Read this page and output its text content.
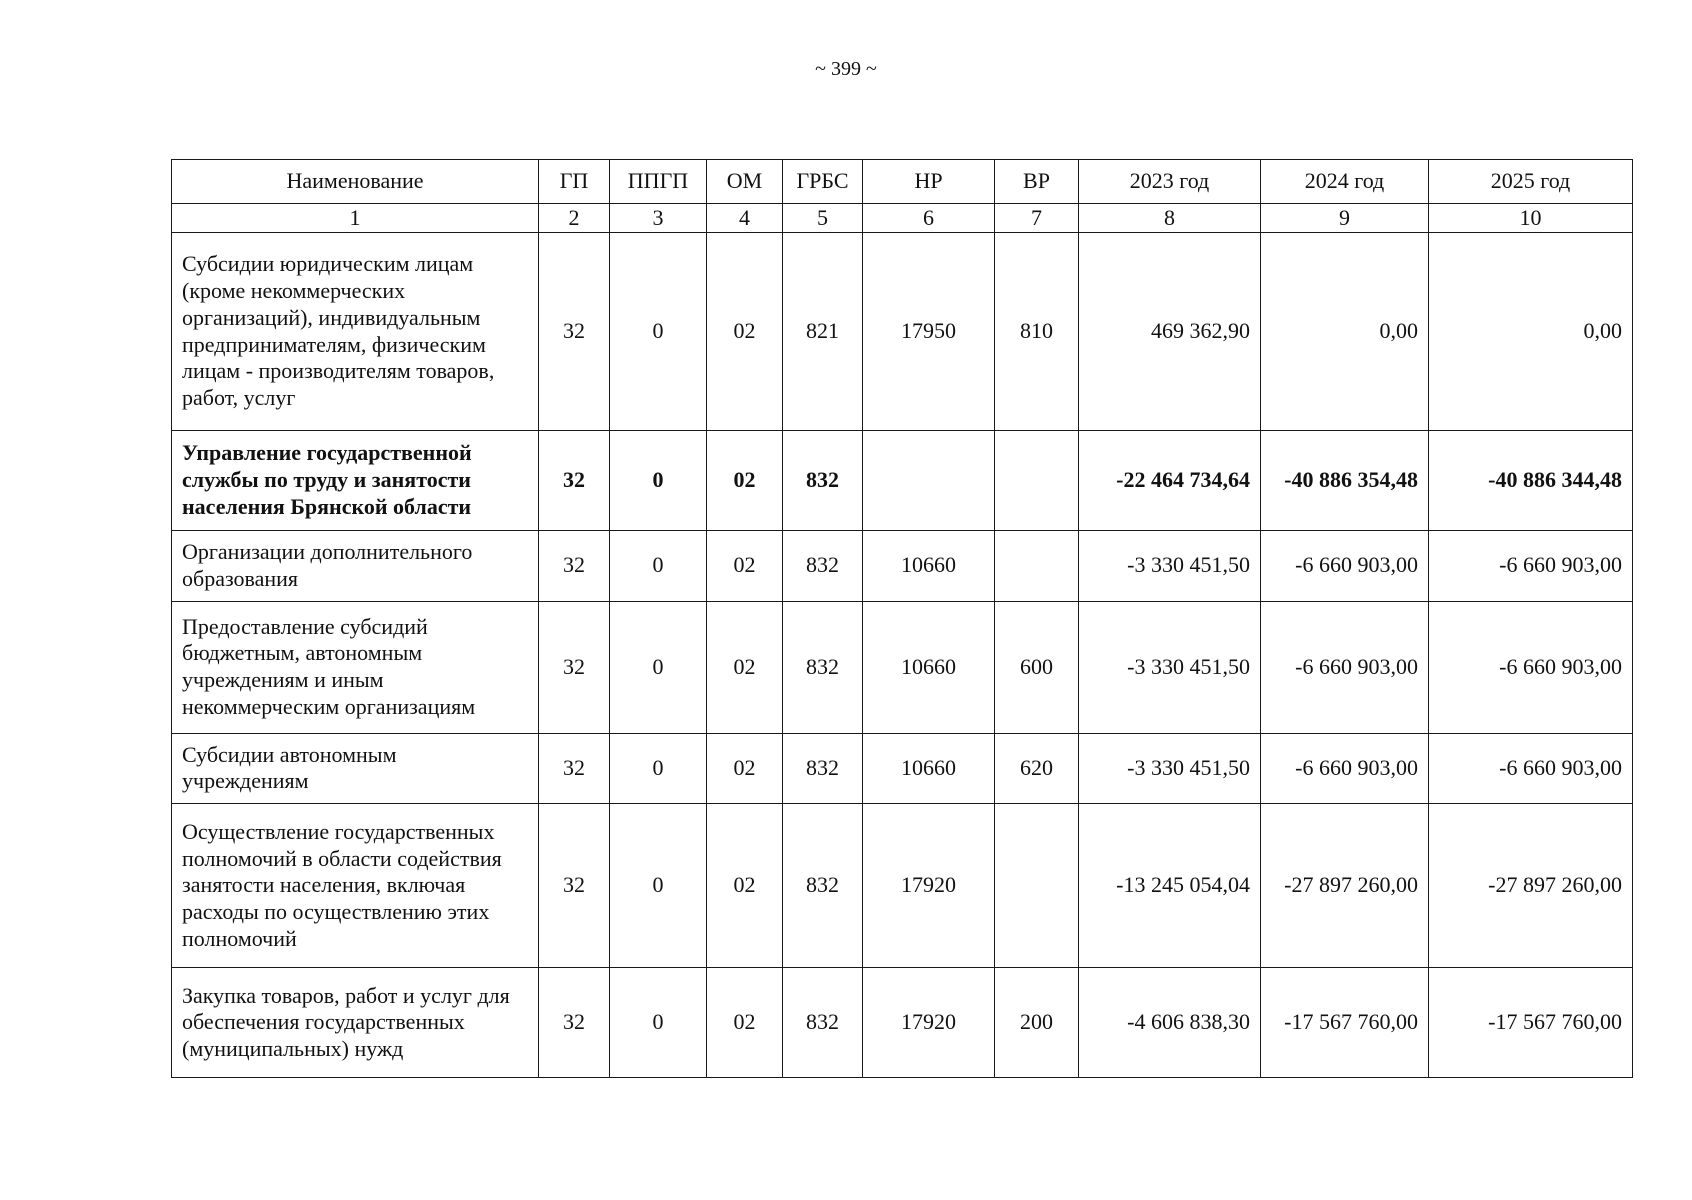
~ 399 ~
Наименование	ГП	ППГП	ОМ	ГРБС	НР	ВР	2023 год	2024 год	2025 год
1	2	3	4	5	6	7	8	9	10
Субсидии юридическим лицам (кроме некоммерческих организаций), индивидуальным предпринимателям, физическим лицам - производителям товаров, работ, услуг	32	0	02	821	17950	810	469 362,90	0,00	0,00
Управление государственной службы по труду и занятости населения Брянской области	32	0	02	832			-22 464 734,64	-40 886 354,48	-40 886 344,48
Организации дополнительного образования	32	0	02	832	10660		-3 330 451,50	-6 660 903,00	-6 660 903,00
Предоставление субсидий бюджетным, автономным учреждениям и иным некоммерческим организациям	32	0	02	832	10660	600	-3 330 451,50	-6 660 903,00	-6 660 903,00
Субсидии автономным учреждениям	32	0	02	832	10660	620	-3 330 451,50	-6 660 903,00	-6 660 903,00
Осуществление государственных полномочий в области содействия занятости населения, включая расходы по осуществлению этих полномочий	32	0	02	832	17920		-13 245 054,04	-27 897 260,00	-27 897 260,00
Закупка товаров, работ и услуг для обеспечения государственных (муниципальных) нужд	32	0	02	832	17920	200	-4 606 838,30	-17 567 760,00	-17 567 760,00
